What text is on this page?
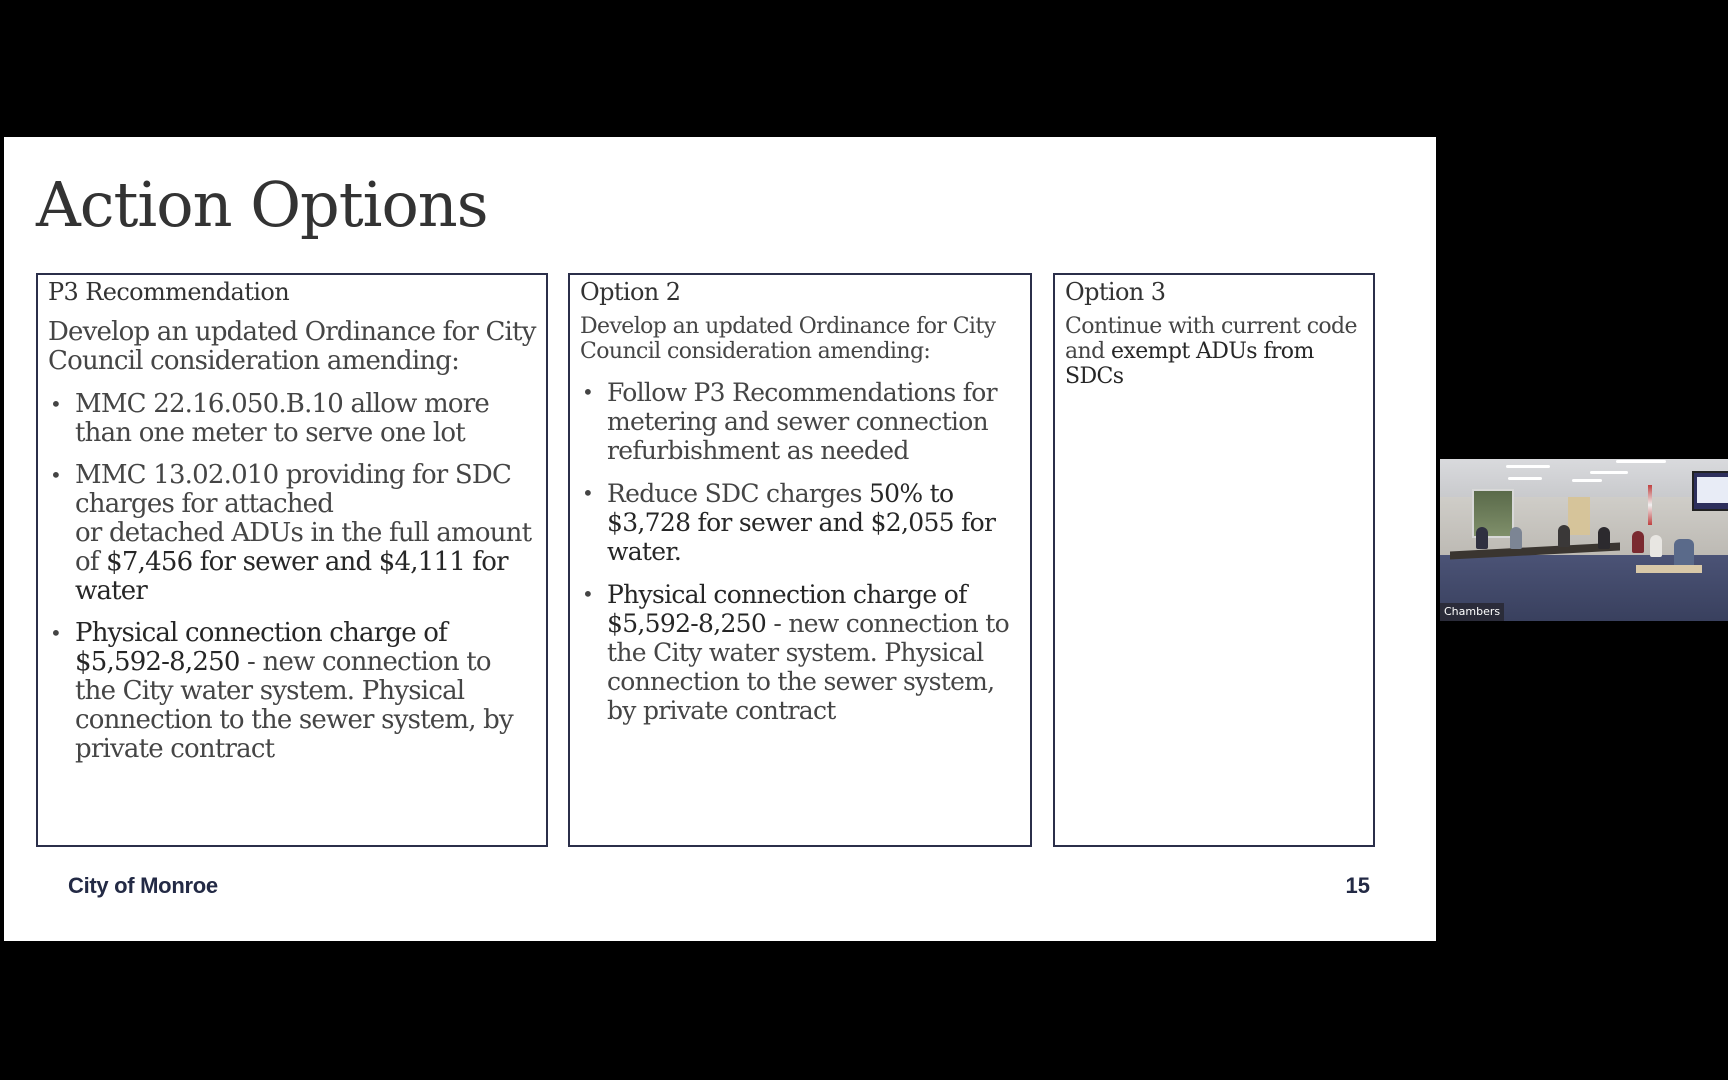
Action Options
P3 Recommendation
Develop an updated Ordinance for City Council consideration amending:
• MMC 22.16.050.B.10 allow more than one meter to serve one lot
• MMC 13.02.010 providing for SDC charges for attached
or detached ADUs in the full amount of $7,456 for sewer and $4,111 for water
• Physical connection charge of $5,592-8,250 - new connection to the City water system. Physical connection to the sewer system, by private contract
Option 2
Develop an updated Ordinance for City Council consideration amending:
• Follow P3 Recommendations for metering and sewer connection refurbishment as needed
• Reduce SDC charges 50% to $3,728 for sewer and $2,055 for water.
• Physical connection charge of $5,592-8,250 - new connection to the City water system. Physical connection to the sewer system, by private contract
Option 3
Continue with current code and exempt ADUs from SDCs
City of Monroe	15
Chambers
